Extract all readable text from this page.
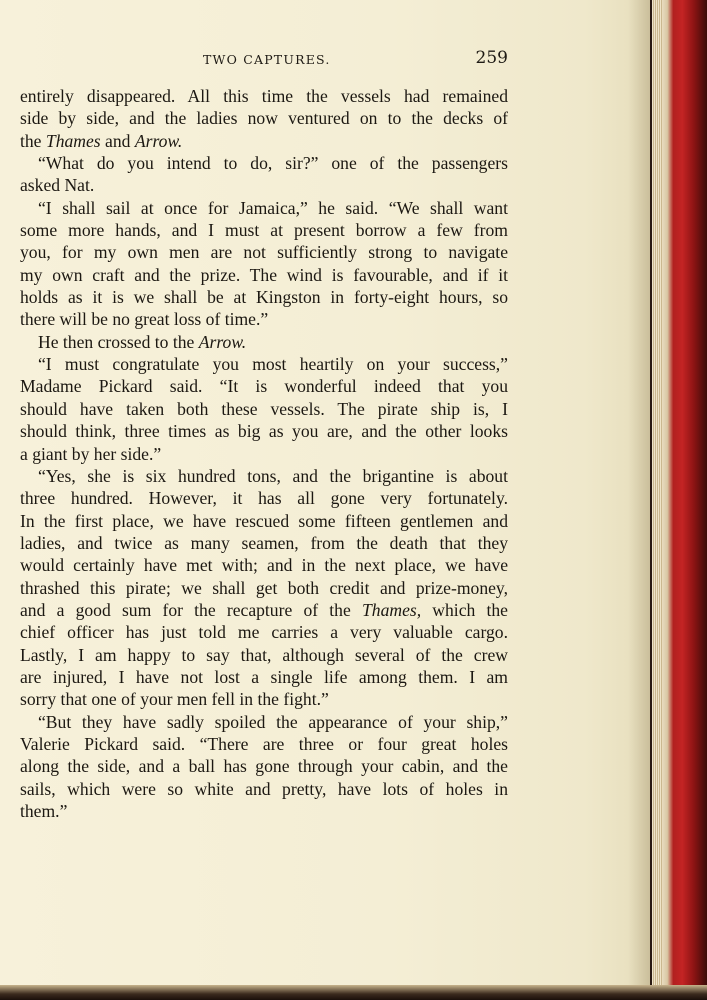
TWO CAPTURES.	259
entirely disappeared. All this time the vessels had remained
side by side, and the ladies now ventured on to the decks of
the Thames and Arrow.
“What do you intend to do, sir?” one of the passengers
asked Nat.
“I shall sail at once for Jamaica,” he said. “We shall want
some more hands, and I must at present borrow a few from
you, for my own men are not sufficiently strong to navigate
my own craft and the prize. The wind is favourable, and if it
holds as it is we shall be at Kingston in forty-eight hours, so
there will be no great loss of time.”
He then crossed to the Arrow.
“I must congratulate you most heartily on your success,”
Madame Pickard said. “It is wonderful indeed that you
should have taken both these vessels. The pirate ship is, I
should think, three times as big as you are, and the other looks
a giant by her side.”
“Yes, she is six hundred tons, and the brigantine is about
three hundred. However, it has all gone very fortunately.
In the first place, we have rescued some fifteen gentlemen and
ladies, and twice as many seamen, from the death that they
would certainly have met with; and in the next place, we have
thrashed this pirate; we shall get both credit and prize-money,
and a good sum for the recapture of the Thames, which the
chief officer has just told me carries a very valuable cargo.
Lastly, I am happy to say that, although several of the crew
are injured, I have not lost a single life among them. I am
sorry that one of your men fell in the fight.”
“But they have sadly spoiled the appearance of your ship,”
Valerie Pickard said. “There are three or four great holes
along the side, and a ball has gone through your cabin, and the
sails, which were so white and pretty, have lots of holes in
them.”
